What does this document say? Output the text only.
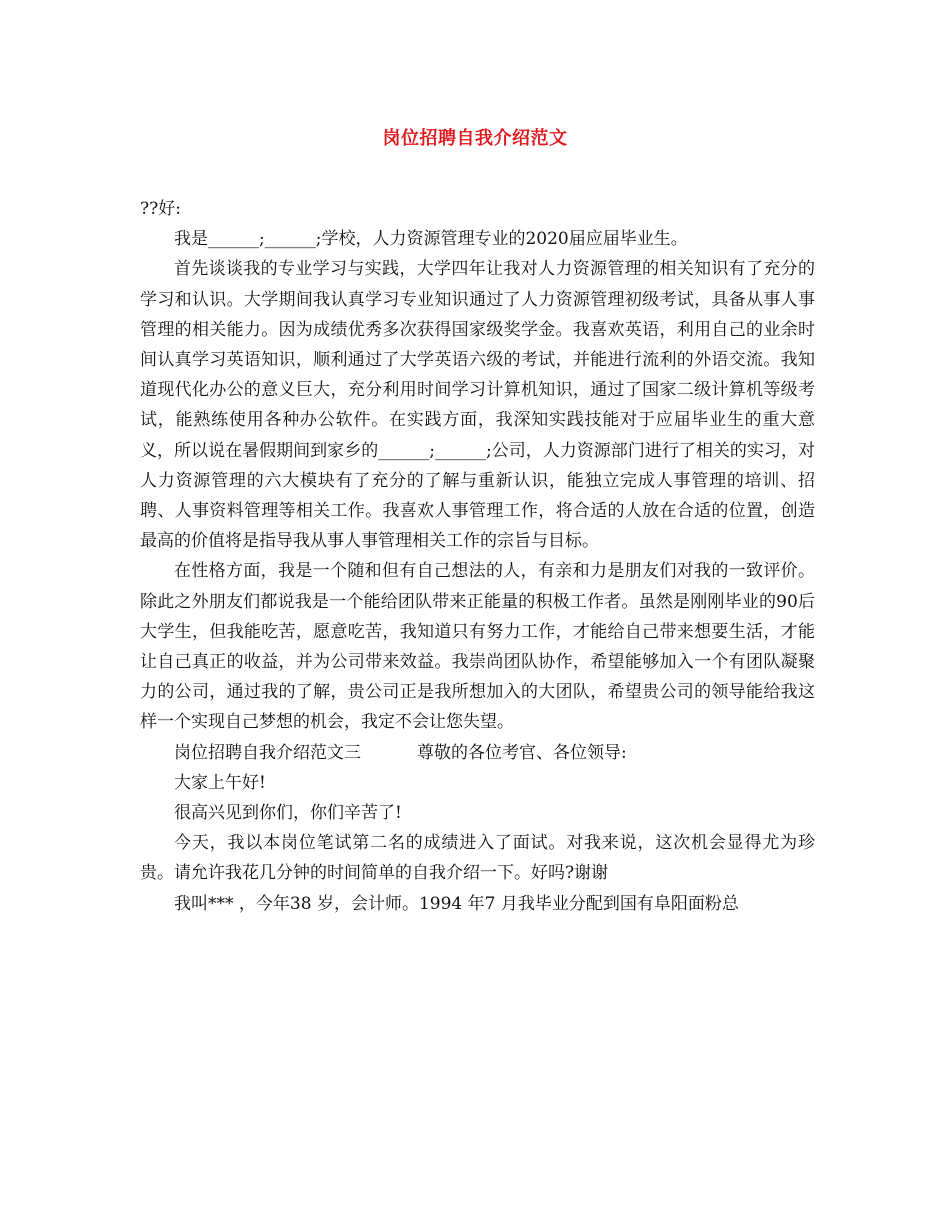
岗位招聘自我介绍范文

??好:

我是______;______;学校，人力资源管理专业的2020届应届毕业生。

首先谈谈我的专业学习与实践，大学四年让我对人力资源管理的相关知识有了充分的学习和认识。大学期间我认真学习专业知识通过了人力资源管理初级考试，具备从事人事管理的相关能力。因为成绩优秀多次获得国家级奖学金。我喜欢英语，利用自己的业余时间认真学习英语知识，顺利通过了大学英语六级的考试，并能进行流利的外语交流。我知道现代化办公的意义巨大，充分利用时间学习计算机知识，通过了国家二级计算机等级考试，能熟练使用各种办公软件。在实践方面，我深知实践技能对于应届毕业生的重大意义，所以说在暑假期间到家乡的______;______;公司，人力资源部门进行了相关的实习，对人力资源管理的六大模块有了充分的了解与重新认识，能独立完成人事管理的培训、招聘、人事资料管理等相关工作。我喜欢人事管理工作，将合适的人放在合适的位置，创造最高的价值将是指导我从事人事管理相关工作的宗旨与目标。

在性格方面，我是一个随和但有自己想法的人，有亲和力是朋友们对我的一致评价。除此之外朋友们都说我是一个能给团队带来正能量的积极工作者。虽然是刚刚毕业的90后大学生，但我能吃苦，愿意吃苦，我知道只有努力工作，才能给自己带来想要生活，才能让自己真正的收益，并为公司带来效益。我崇尚团队协作，希望能够加入一个有团队凝聚力的公司，通过我的了解，贵公司正是我所想加入的大团队，希望贵公司的领导能给我这样一个实现自己梦想的机会，我定不会让您失望。

岗位招聘自我介绍范文三	尊敬的各位考官、各位领导:

大家上午好!

很高兴见到你们，你们辛苦了!

今天，我以本岗位笔试第二名的成绩进入了面试。对我来说，这次机会显得尤为珍贵。请允许我花几分钟的时间简单的自我介绍一下。好吗?谢谢

我叫*** ，今年38 岁，会计师。1994 年7 月我毕业分配到国有阜阳面粉总
